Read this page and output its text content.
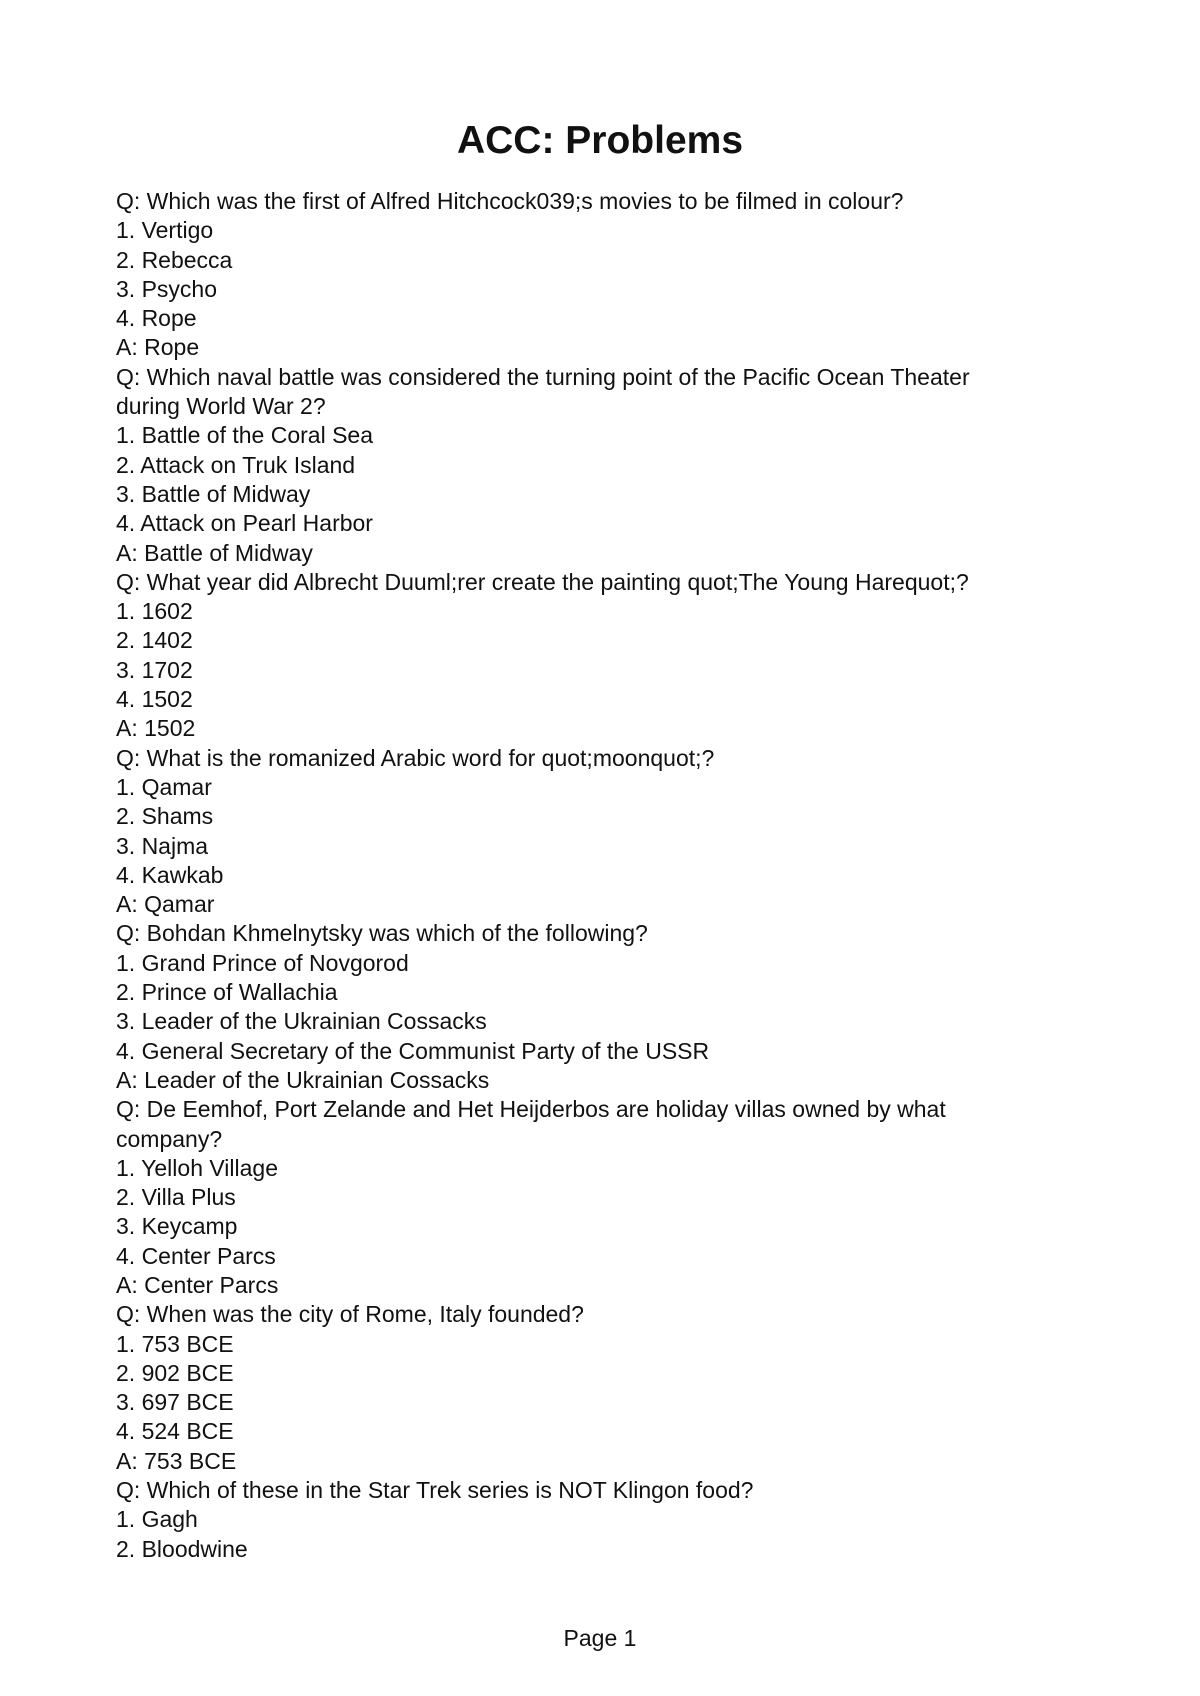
ACC: Problems
Q: Which was the first of Alfred Hitchcock039;s movies to be filmed in colour?
1. Vertigo
2. Rebecca
3. Psycho
4. Rope
A: Rope
Q: Which naval battle was considered the turning point of the Pacific Ocean Theater during World War 2?
1. Battle of the Coral Sea
2. Attack on Truk Island
3. Battle of Midway
4. Attack on Pearl Harbor
A: Battle of Midway
Q: What year did Albrecht Duuml;rer create the painting quot;The Young Harequot;?
1. 1602
2. 1402
3. 1702
4. 1502
A: 1502
Q: What is the romanized Arabic word for quot;moonquot;?
1. Qamar
2. Shams
3. Najma
4. Kawkab
A: Qamar
Q: Bohdan Khmelnytsky was which of the following?
1. Grand Prince of Novgorod
2. Prince of Wallachia
3. Leader of the Ukrainian Cossacks
4. General Secretary of the Communist Party of the USSR
A: Leader of the Ukrainian Cossacks
Q: De Eemhof, Port Zelande and Het Heijderbos are holiday villas owned by what company?
1. Yelloh Village
2. Villa Plus
3. Keycamp
4. Center Parcs
A: Center Parcs
Q: When was the city of Rome, Italy founded?
1. 753 BCE
2. 902 BCE
3. 697 BCE
4. 524 BCE
A: 753 BCE
Q: Which of these in the Star Trek series is NOT Klingon food?
1. Gagh
2. Bloodwine
Page 1
